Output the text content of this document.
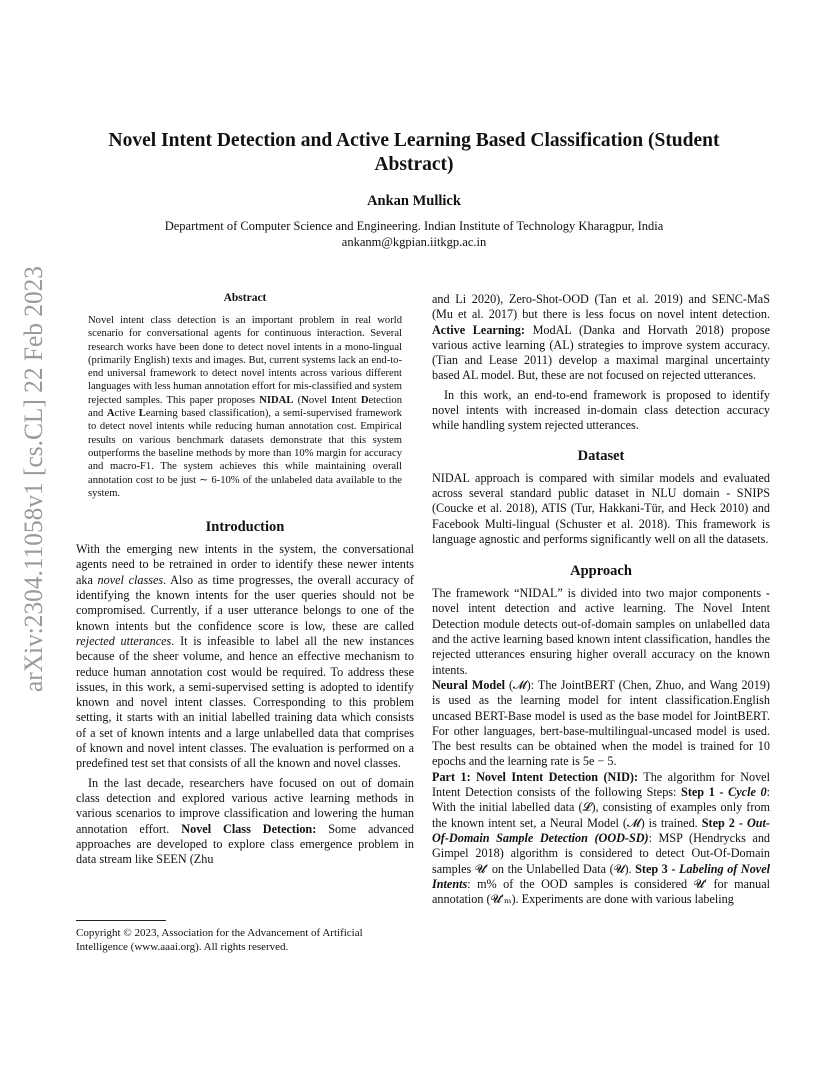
arXiv:2304.11058v1 [cs.CL] 22 Feb 2023
Novel Intent Detection and Active Learning Based Classification (Student Abstract)
Ankan Mullick
Department of Computer Science and Engineering. Indian Institute of Technology Kharagpur, India
ankanm@kgpian.iitkgp.ac.in
Abstract

Novel intent class detection is an important problem in real world scenario for conversational agents for continuous interaction. Several research works have been done to detect novel intents in a mono-lingual (primarily English) texts and images. But, current systems lack an end-to-end universal framework to detect novel intents across various different languages with less human annotation effort for mis-classified and system rejected samples. This paper proposes NIDAL (Novel Intent Detection and Active Learning based classification), a semi-supervised framework to detect novel intents while reducing human annotation cost. Empirical results on various benchmark datasets demonstrate that this system outperforms the baseline methods by more than 10% margin for accuracy and macro-F1. The system achieves this while maintaining overall annotation cost to be just ∼ 6-10% of the unlabeled data available to the system.

Introduction

With the emerging new intents in the system, the conversational agents need to be retrained in order to identify these newer intents aka novel classes. Also as time progresses, the overall accuracy of identifying the known intents for the user queries should not be compromised. Currently, if a user utterance belongs to one of the known intents but the confidence score is low, these are called rejected utterances. It is infeasible to label all the new instances because of the sheer volume, and hence an effective mechanism to reduce human annotation cost would be required. To address these issues, in this work, a semi-supervised setting is adopted to identify known and novel intent classes. Corresponding to this problem setting, it starts with an initial labelled training data which consists of a set of known intents and a large unlabelled data that comprises of known and novel intent classes. The evaluation is performed on a predefined test set that consists of all the known and novel classes.

In the last decade, researchers have focused on out of domain class detection and explored various active learning methods in various scenarios to improve classification and lowering the human annotation effort. Novel Class Detection: Some advanced approaches are developed to explore class emergence problem in data stream like SEEN (Zhu

Copyright © 2023, Association for the Advancement of Artificial Intelligence (www.aaai.org). All rights reserved.

and Li 2020), Zero-Shot-OOD (Tan et al. 2019) and SENC-MaS (Mu et al. 2017) but there is less focus on novel intent detection. Active Learning: ModAL (Danka and Horvath 2018) propose various active learning (AL) strategies to improve system accuracy. (Tian and Lease 2011) develop a maximal marginal uncertainty based AL model. But, these are not focused on rejected utterances.

In this work, an end-to-end framework is proposed to identify novel intents with increased in-domain class detection accuracy while handling system rejected utterances.

Dataset

NIDAL approach is compared with similar models and evaluated across several standard public dataset in NLU domain - SNIPS (Coucke et al. 2018), ATIS (Tur, Hakkani-Tür, and Heck 2010) and Facebook Multi-lingual (Schuster et al. 2018). This framework is language agnostic and performs significantly well on all the datasets.

Approach

The framework “NIDAL” is divided into two major components - novel intent detection and active learning. The Novel Intent Detection module detects out-of-domain samples on unlabelled data and the active learning based known intent classification, handles the rejected utterances ensuring higher overall accuracy on the known intents.

Neural Model (𝓜): The JointBERT (Chen, Zhuo, and Wang 2019) is used as the learning model for intent classification.English uncased BERT-Base model is used as the base model for JointBERT. For other languages, bert-base-multilingual-uncased model is used. The best results can be obtained when the model is trained for 10 epochs and the learning rate is 5e − 5.

Part 1: Novel Intent Detection (NID): The algorithm for Novel Intent Detection consists of the following Steps: Step 1 - Cycle 0: With the initial labelled data (𝓛), consisting of examples only from the known intent set, a Neural Model (𝓜) is trained. Step 2 - Out-Of-Domain Sample Detection (OOD-SD): MSP (Hendrycks and Gimpel 2018) algorithm is considered to detect Out-Of-Domain samples 𝓤′ on the Unlabelled Data (𝓤). Step 3 - Labeling of Novel Intents: m% of the OOD samples is considered 𝓤′ for manual annotation (𝓤′ₘ). Experiments are done with various labeling
